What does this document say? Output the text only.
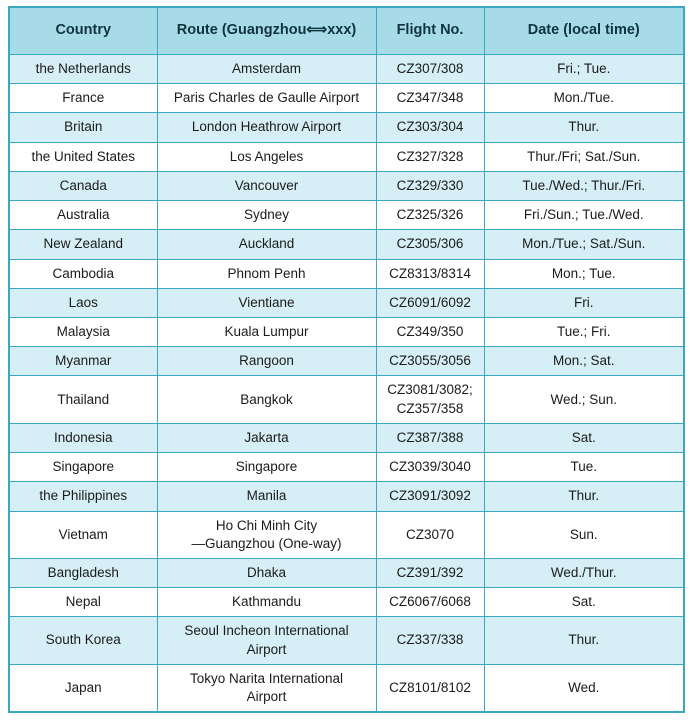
Country	Route (Guangzhou⟺xxx)	Flight No.	Date (local time)
the Netherlands	Amsterdam	CZ307/308	Fri.; Tue.
France	Paris Charles de Gaulle Airport	CZ347/348	Mon./Tue.
Britain	London Heathrow Airport	CZ303/304	Thur.
the United States	Los Angeles	CZ327/328	Thur./Fri; Sat./Sun.
Canada	Vancouver	CZ329/330	Tue./Wed.; Thur./Fri.
Australia	Sydney	CZ325/326	Fri./Sun.; Tue./Wed.
New Zealand	Auckland	CZ305/306	Mon./Tue.; Sat./Sun.
Cambodia	Phnom Penh	CZ8313/8314	Mon.; Tue.
Laos	Vientiane	CZ6091/6092	Fri.
Malaysia	Kuala Lumpur	CZ349/350	Tue.; Fri.
Myanmar	Rangoon	CZ3055/3056	Mon.; Sat.
Thailand	Bangkok	CZ3081/3082;
CZ357/358	Wed.; Sun.
Indonesia	Jakarta	CZ387/388	Sat.
Singapore	Singapore	CZ3039/3040	Tue.
the Philippines	Manila	CZ3091/3092	Thur.
Vietnam	Ho Chi Minh City
—Guangzhou (One-way)	CZ3070	Sun.
Bangladesh	Dhaka	CZ391/392	Wed./Thur.
Nepal	Kathmandu	CZ6067/6068	Sat.
South Korea	Seoul Incheon International
Airport	CZ337/338	Thur.
Japan	Tokyo Narita International
Airport	CZ8101/8102	Wed.
